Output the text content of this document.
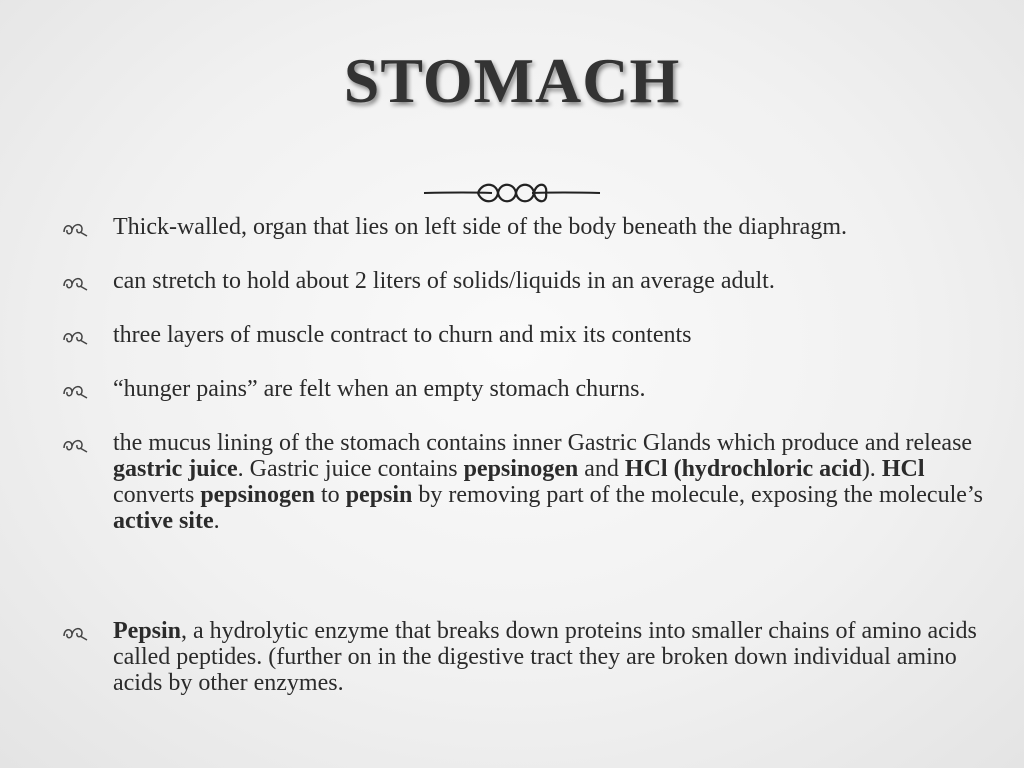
STOMACH
Thick-walled, organ that lies on left side of the body beneath the diaphragm.
can stretch to hold about 2 liters of solids/liquids in an average adult.
three layers of muscle contract to churn and mix its contents
“hunger pains” are felt when an empty stomach churns.
the mucus lining of the stomach contains inner Gastric Glands which produce and release gastric juice. Gastric juice contains pepsinogen and HCl (hydrochloric acid). HCl converts pepsinogen to pepsin by removing part of the molecule, exposing the molecule’s active site.
Pepsin, a hydrolytic enzyme that breaks down proteins into smaller chains of amino acids called peptides. (further on in the digestive tract they are broken down individual amino acids by other enzymes.
